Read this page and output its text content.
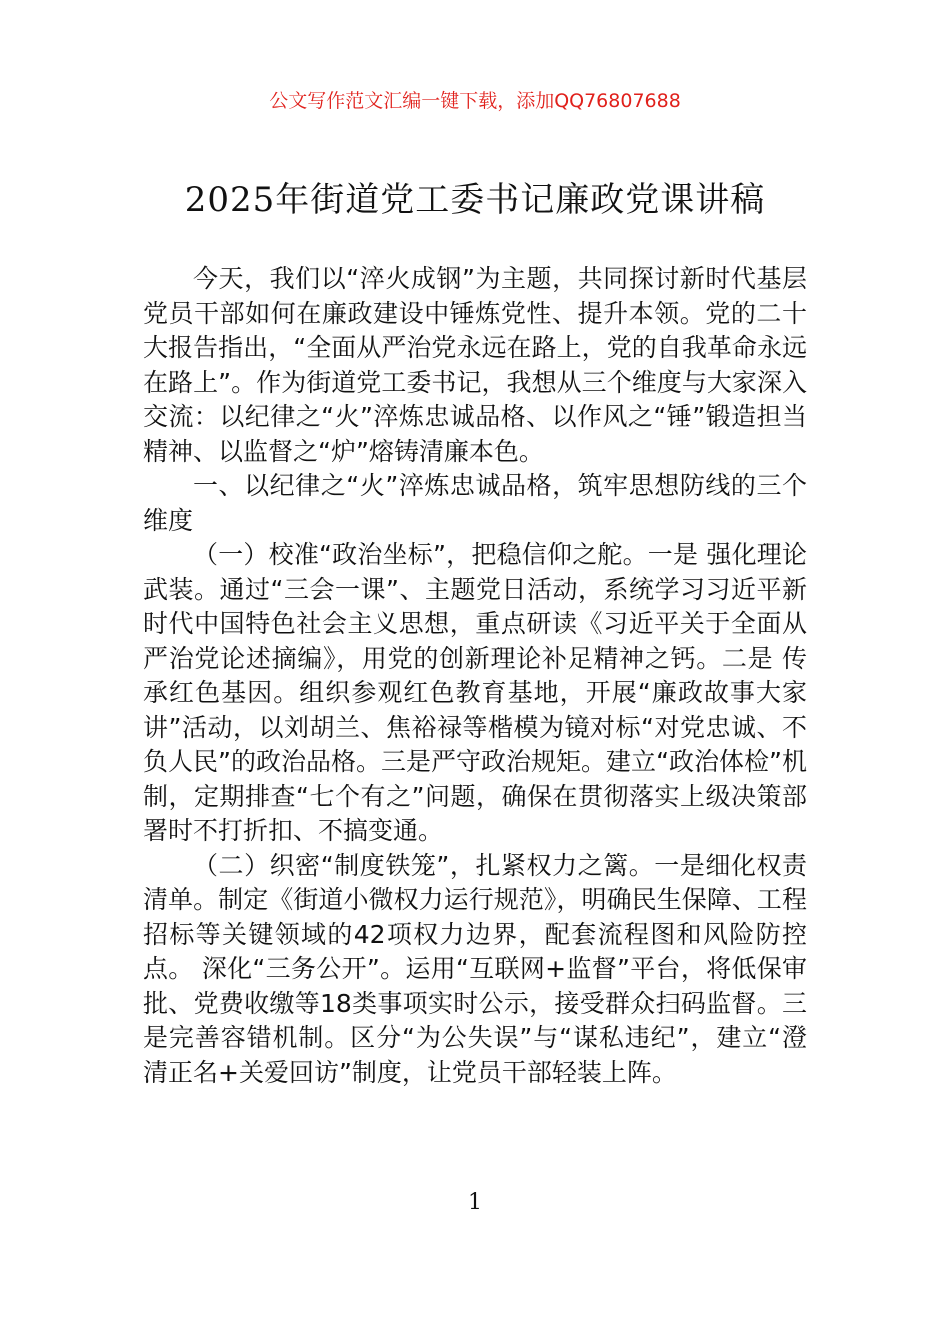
公文写作范文汇编一键下载，添加QQ76807688
2025年街道党工委书记廉政党课讲稿

今天，我们以“淬火成钢”为主题，共同探讨新时代基层党员干部如何在廉政建设中锤炼党性、提升本领。党的二十大报告指出，“全面从严治党永远在路上，党的自我革命永远在路上”。作为街道党工委书记，我想从三个维度与大家深入交流：以纪律之“火”淬炼忠诚品格、以作风之“锤”锻造担当精神、以监督之“炉”熔铸清廉本色。

一、以纪律之“火”淬炼忠诚品格，筑牢思想防线的三个维度

（一）校准“政治坐标”，把稳信仰之舵。一是 强化理论武装。通过“三会一课”、主题党日活动，系统学习习近平新时代中国特色社会主义思想，重点研读《习近平关于全面从严治党论述摘编》，用党的创新理论补足精神之钙。二是 传承红色基因。组织参观红色教育基地，开展“廉政故事大家讲”活动，以刘胡兰、焦裕禄等楷模为镜对标“对党忠诚、不负人民”的政治品格。三是严守政治规矩。建立“政治体检”机制，定期排查“七个有之”问题，确保在贯彻落实上级决策部署时不打折扣、不搞变通。

（二）织密“制度铁笼”，扎紧权力之篱。一是细化权责清单。制定《街道小微权力运行规范》，明确民生保障、工程招标等关键领域的42项权力边界，配套流程图和风险防控点。 深化“三务公开”。运用“互联网+监督”平台，将低保审批、党费收缴等18类事项实时公示，接受群众扫码监督。三是完善容错机制。区分“为公失误”与“谋私违纪”，建立“澄清正名+关爱回访”制度，让党员干部轻装上阵。

1
